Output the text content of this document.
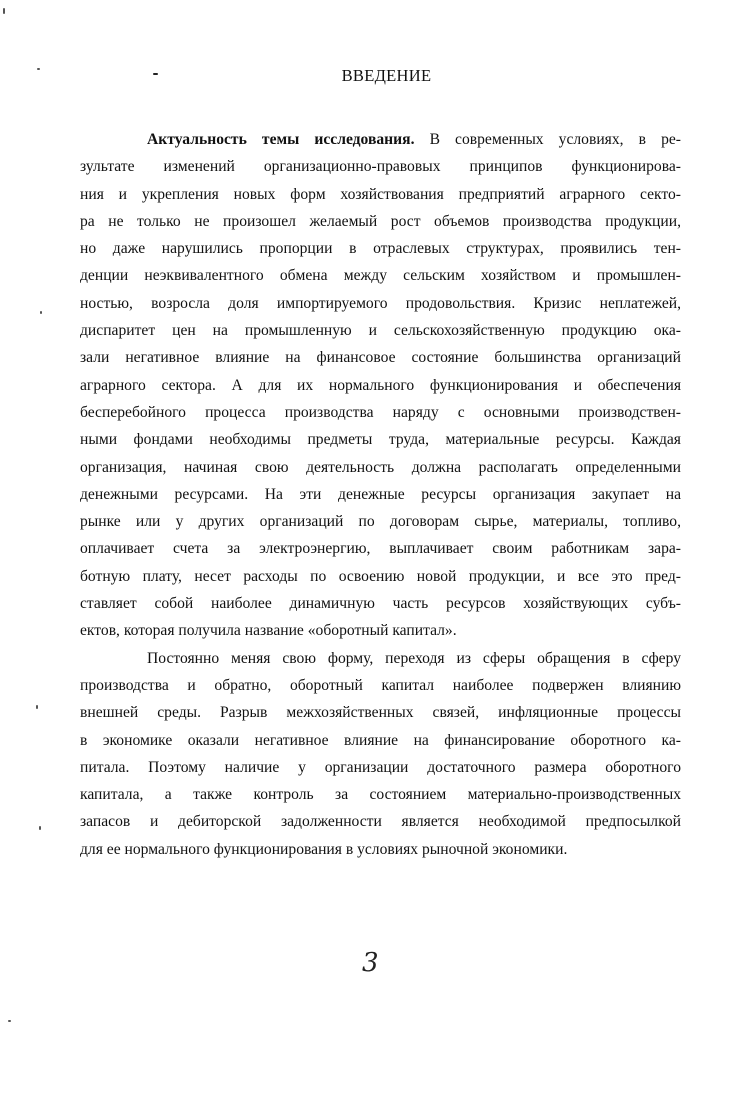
ВВЕДЕНИЕ
Актуальность темы исследования. В современных условиях, в ре-
зультате изменений организационно-правовых принципов функционирова-
ния и укрепления новых форм хозяйствования предприятий аграрного секто-
ра не только не произошел желаемый рост объемов производства продукции,
но даже нарушились пропорции в отраслевых структурах, проявились тен-
денции неэквивалентного обмена между сельским хозяйством и промышлен-
ностью, возросла доля импортируемого продовольствия. Кризис неплатежей,
диспаритет цен на промышленную и сельскохозяйственную продукцию ока-
зали негативное влияние на финансовое состояние большинства организаций
аграрного сектора. А для их нормального функционирования и обеспечения
бесперебойного процесса производства наряду с основными производствен-
ными фондами необходимы предметы труда, материальные ресурсы. Каждая
организация, начиная свою деятельность должна располагать определенными
денежными ресурсами. На эти денежные ресурсы организация закупает на
рынке или у других организаций по договорам сырье, материалы, топливо,
оплачивает счета за электроэнергию, выплачивает своим работникам зара-
ботную плату, несет расходы по освоению новой продукции, и все это пред-
ставляет собой наиболее динамичную часть ресурсов хозяйствующих субъ-
ектов, которая получила название «оборотный капитал».
Постоянно меняя свою форму, переходя из сферы обращения в сферу
производства и обратно, оборотный капитал наиболее подвержен влиянию
внешней среды. Разрыв межхозяйственных связей, инфляционные процессы
в экономике оказали негативное влияние на финансирование оборотного ка-
питала. Поэтому наличие у организации достаточного размера оборотного
капитала, а также контроль за состоянием материально-производственных
запасов и дебиторской задолженности является необходимой предпосылкой
для ее нормального функционирования в условиях рыночной экономики.
3
